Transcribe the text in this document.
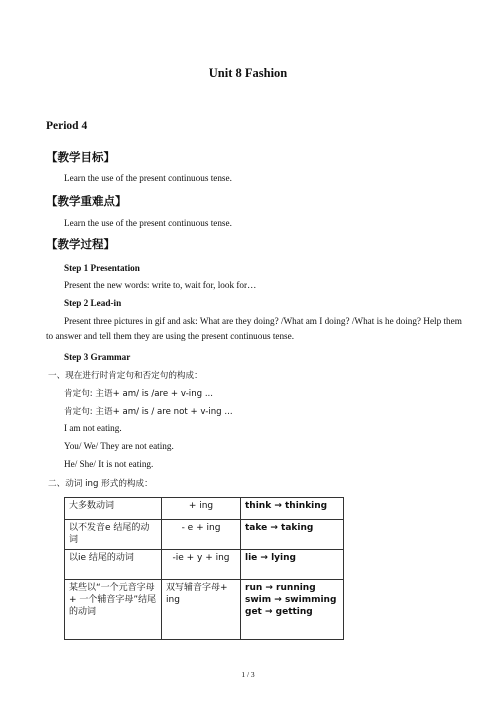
Unit 8 Fashion
Period 4
【教学目标】
Learn the use of the present continuous tense.
【教学重难点】
Learn the use of the present continuous tense.
【教学过程】
Step 1 Presentation
Present the new words: write to, wait for, look for…
Step 2 Lead-in
Present three pictures in gif and ask: What are they doing? /What am I doing? /What is he doing? Help them to answer and tell them they are using the present continuous tense.
Step 3 Grammar
一、现在进行时肯定句和否定句的构成：
肯定句: 主语+ am/ is /are + v-ing ...
肯定句: 主语+ am/ is / are not + v-ing ...
I am not eating.
You/ We/ They are not eating.
He/ She/ It is not eating.
二、动词 ing 形式的构成：
大多数动词	+ ing	think → thinking
以不发音e 结尾的动词	- e + ing	take → taking
以ie 结尾的动词	-ie + y + ing	lie → lying
某些以“一个元音字母+ 一个辅音字母”结尾的动词	双写辅音字母+ ing	run → running
swim → swimming
get → getting
1 / 3
